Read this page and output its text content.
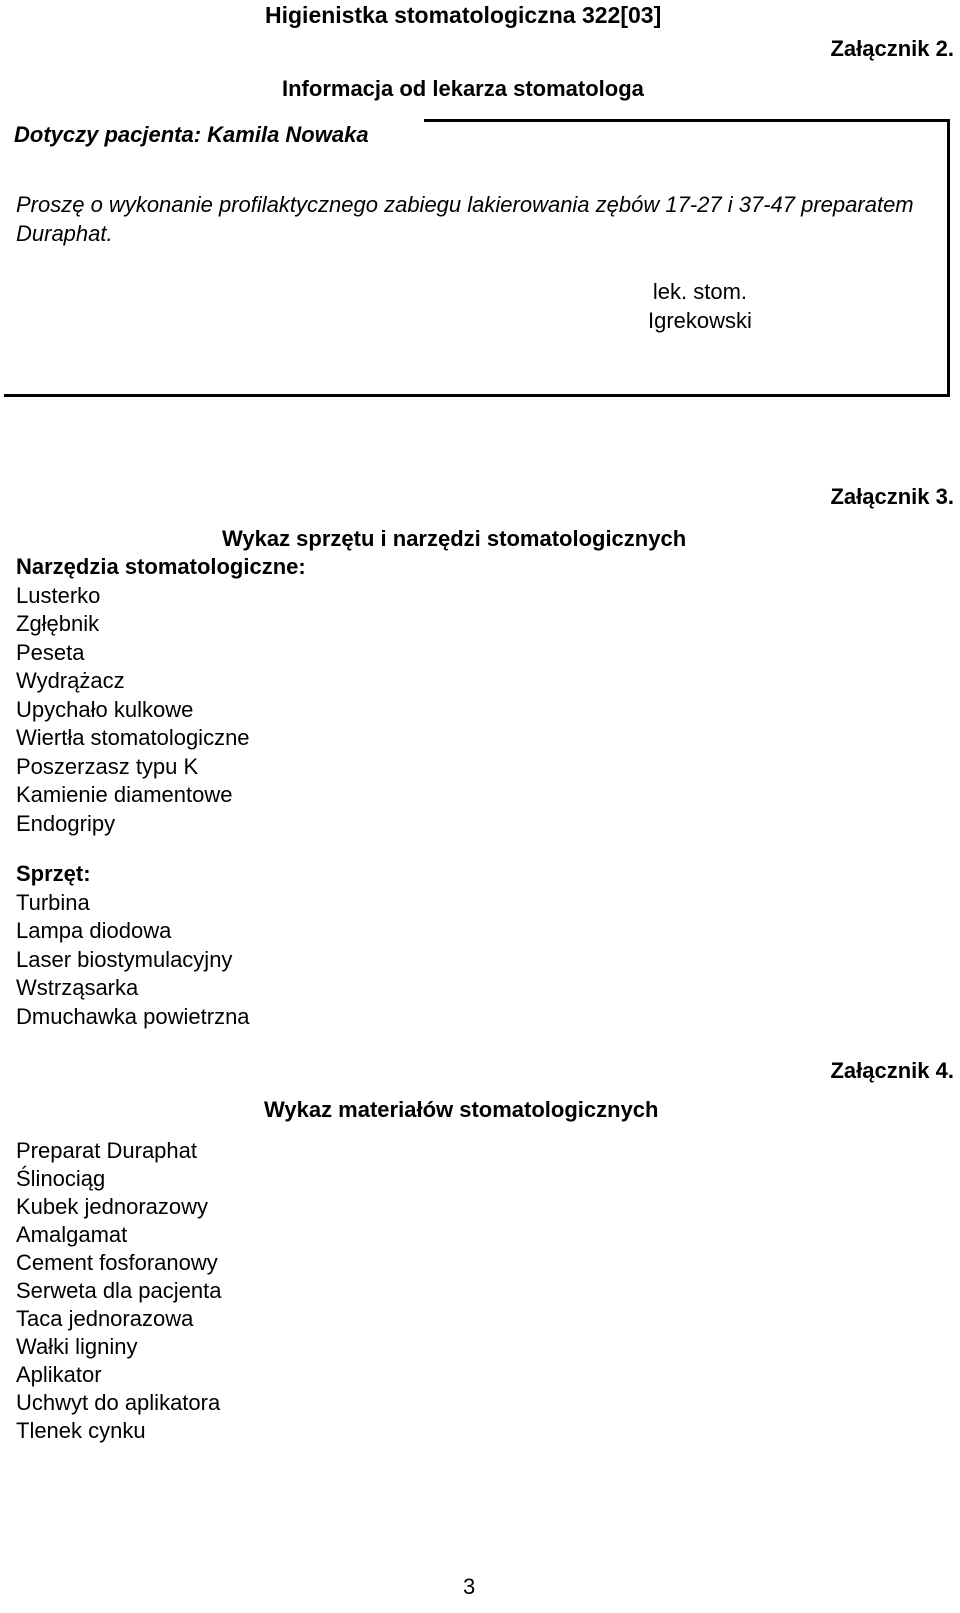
Higienistka stomatologiczna 322[03]
Załącznik 2.
Informacja od lekarza stomatologa
Dotyczy pacjenta: Kamila Nowaka
Proszę o wykonanie profilaktycznego zabiegu lakierowania zębów 17-27 i 37-47 preparatem Duraphat.
lek. stom.
Igrekowski
Załącznik 3.
Wykaz sprzętu i narzędzi stomatologicznych
Narzędzia stomatologiczne:
Lusterko
Zgłębnik
Peseta
Wydrążacz
Upychało kulkowe
Wiertła stomatologiczne
Poszerzasz typu K
Kamienie diamentowe
Endogripy
Sprzęt:
Turbina
Lampa diodowa
Laser biostymulacyjny
Wstrząsarka
Dmuchawka powietrzna
Załącznik 4.
Wykaz materiałów stomatologicznych
Preparat Duraphat
Ślinociąg
Kubek jednorazowy
Amalgamat
Cement fosforanowy
Serweta dla pacjenta
Taca jednorazowa
Wałki ligniny
Aplikator
Uchwyt do aplikatora
Tlenek cynku
3
